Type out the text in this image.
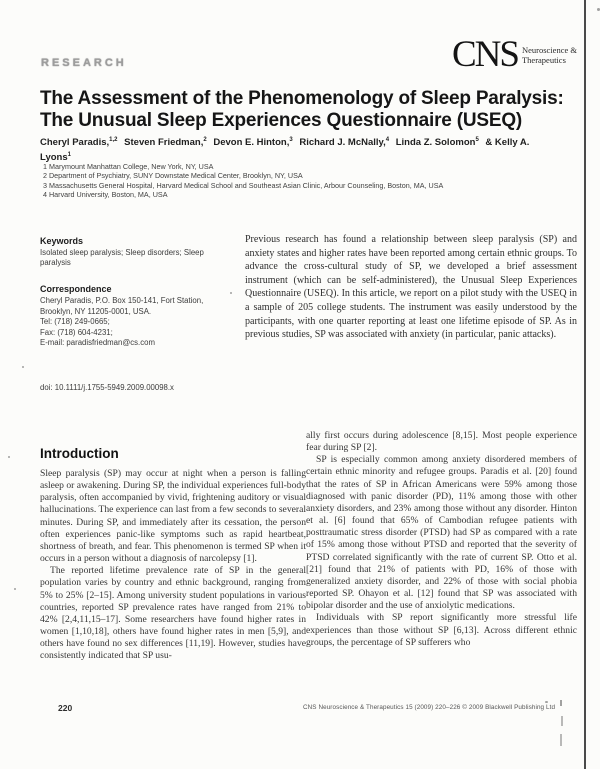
RESEARCH	CNS Neuroscience &
Therapeutics
The Assessment of the Phenomenology of Sleep Paralysis:
The Unusual Sleep Experiences Questionnaire (USEQ)
Cheryl Paradis,$^{1,2}$ Steven Friedman,$^2$ Devon E. Hinton,$^3$ Richard J. McNally,$^4$ Linda Z. Solomon$^5$ & Kelly A. Lyons$^1$
1 Marymount Manhattan College, New York, NY, USA
2 Department of Psychiatry, SUNY Downstate Medical Center, Brooklyn, NY, USA
3 Massachusetts General Hospital, Harvard Medical School and Southeast Asian Clinic, Arbour Counseling, Boston, MA, USA
4 Harvard University, Boston, MA, USA
Keywords
Isolated sleep paralysis; Sleep disorders; Sleep paralysis
Correspondence
Cheryl Paradis, P.O. Box 150-141, Fort Station,
Brooklyn, NY 11205-0001, USA.
Tel: (718) 249-0665;
Fax: (718) 604-4231;
E-mail: paradisfriedman@cs.com
doi: 10.1111/j.1755-5949.2009.00098.x
Previous research has found a relationship between sleep paralysis (SP) and anxiety states and higher rates have been reported among certain ethnic groups. To advance the cross-cultural study of SP, we developed a brief assessment instrument (which can be self-administered), the Unusual Sleep Experiences Questionnaire (USEQ). In this article, we report on a pilot study with the USEQ in a sample of 205 college students. The instrument was easily understood by the participants, with one quarter reporting at least one lifetime episode of SP. As in previous studies, SP was associated with anxiety (in particular, panic attacks).
Introduction

Sleep paralysis (SP) may occur at night when a person is falling asleep or awakening. During SP, the individual experiences full-body paralysis, often accompanied by vivid, frightening auditory or visual hallucinations. The experience can last from a few seconds to several minutes. During SP, and immediately after its cessation, the person often experiences panic-like symptoms such as rapid heartbeat, shortness of breath, and fear. This phenomenon is termed SP when it occurs in a person without a diagnosis of narcolepsy [1].

The reported lifetime prevalence rate of SP in the general population varies by country and ethnic background, ranging from 5% to 25% [2–15]. Among university student populations in various countries, reported SP prevalence rates have ranged from 21% to 42% [2,4,11,15–17]. Some researchers have found higher rates in women [1,10,18], others have found higher rates in men [5,9], and others have found no sex differences [11,19]. However, studies have consistently indicated that SP usu-

ally first occurs during adolescence [8,15]. Most people experience fear during SP [2].

SP is especially common among anxiety disordered members of certain ethnic minority and refugee groups. Paradis et al. [20] found that the rates of SP in African Americans were 59% among those diagnosed with panic disorder (PD), 11% among those with other anxiety disorders, and 23% among those without any disorder. Hinton et al. [6] found that 65% of Cambodian refugee patients with posttraumatic stress disorder (PTSD) had SP as compared with a rate of 15% among those without PTSD and reported that the severity of PTSD correlated significantly with the rate of current SP. Otto et al. [21] found that 21% of patients with PD, 16% of those with generalized anxiety disorder, and 22% of those with social phobia reported SP. Ohayon et al. [12] found that SP was associated with bipolar disorder and the use of anxiolytic medications.

Individuals with SP report significantly more stressful life experiences than those without SP [6,13]. Across different ethnic groups, the percentage of SP sufferers who

220	CNS Neuroscience & Therapeutics 15 (2009) 220–226 © 2009 Blackwell Publishing Ltd
